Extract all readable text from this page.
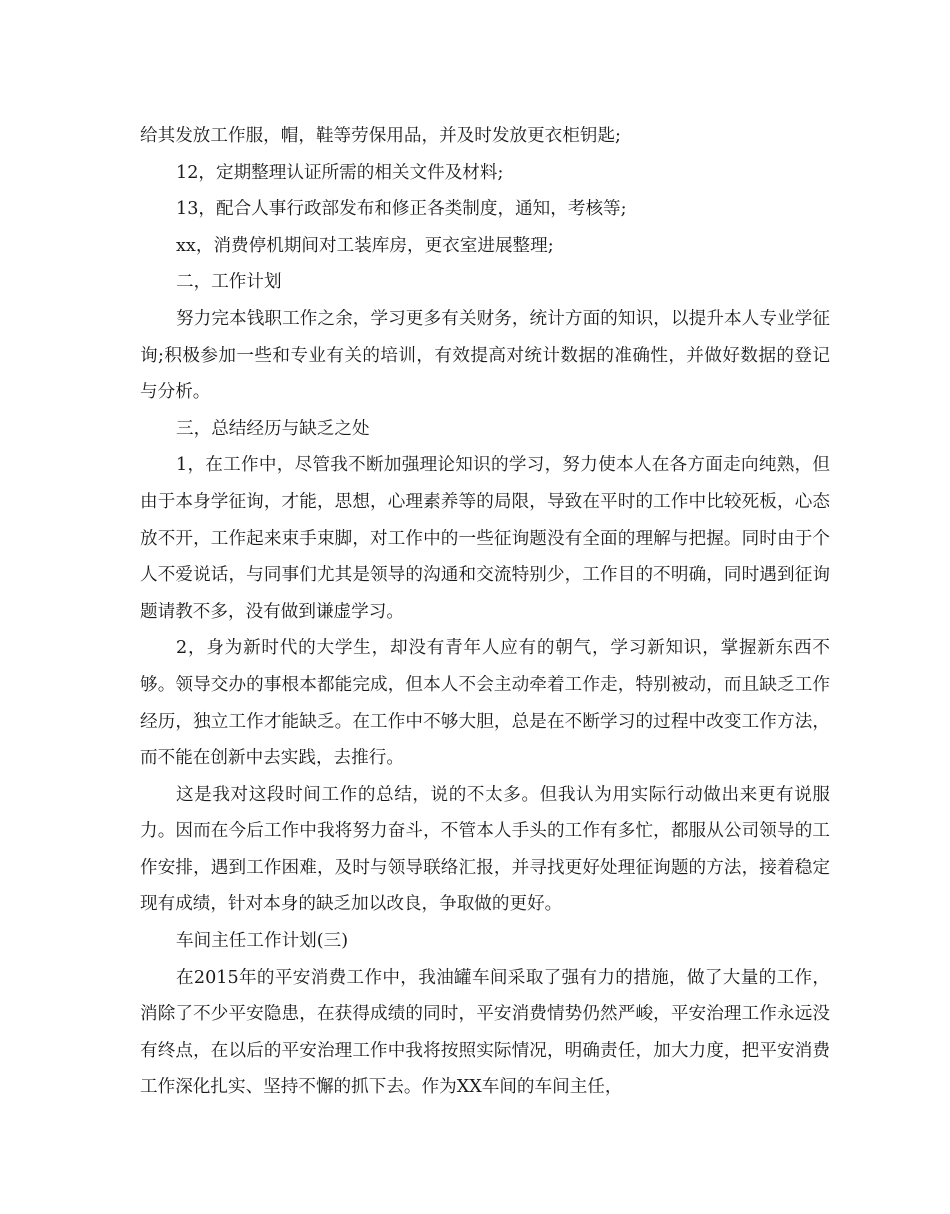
给其发放工作服，帽，鞋等劳保用品，并及时发放更衣柜钥匙;

12，定期整理认证所需的相关文件及材料;

13，配合人事行政部发布和修正各类制度，通知，考核等;

xx，消费停机期间对工装库房，更衣室进展整理;

二，工作计划

努力完本钱职工作之余，学习更多有关财务，统计方面的知识，以提升本人专业学征询;积极参加一些和专业有关的培训，有效提高对统计数据的准确性，并做好数据的登记与分析。

三，总结经历与缺乏之处

1，在工作中，尽管我不断加强理论知识的学习，努力使本人在各方面走向纯熟，但由于本身学征询，才能，思想，心理素养等的局限，导致在平时的工作中比较死板，心态放不开，工作起来束手束脚，对工作中的一些征询题没有全面的理解与把握。同时由于个人不爱说话，与同事们尤其是领导的沟通和交流特别少，工作目的不明确，同时遇到征询题请教不多，没有做到谦虚学习。

2，身为新时代的大学生，却没有青年人应有的朝气，学习新知识，掌握新东西不够。领导交办的事根本都能完成，但本人不会主动牵着工作走，特别被动，而且缺乏工作经历，独立工作才能缺乏。在工作中不够大胆，总是在不断学习的过程中改变工作方法，而不能在创新中去实践，去推行。

这是我对这段时间工作的总结，说的不太多。但我认为用实际行动做出来更有说服力。因而在今后工作中我将努力奋斗，不管本人手头的工作有多忙，都服从公司领导的工作安排，遇到工作困难，及时与领导联络汇报，并寻找更好处理征询题的方法，接着稳定现有成绩，针对本身的缺乏加以改良，争取做的更好。

车间主任工作计划(三)

在2015年的平安消费工作中，我油罐车间采取了强有力的措施，做了大量的工作，消除了不少平安隐患，在获得成绩的同时，平安消费情势仍然严峻，平安治理工作永远没有终点，在以后的平安治理工作中我将按照实际情况，明确责任，加大力度，把平安消费工作深化扎实、坚持不懈的抓下去。作为XX车间的车间主任，
